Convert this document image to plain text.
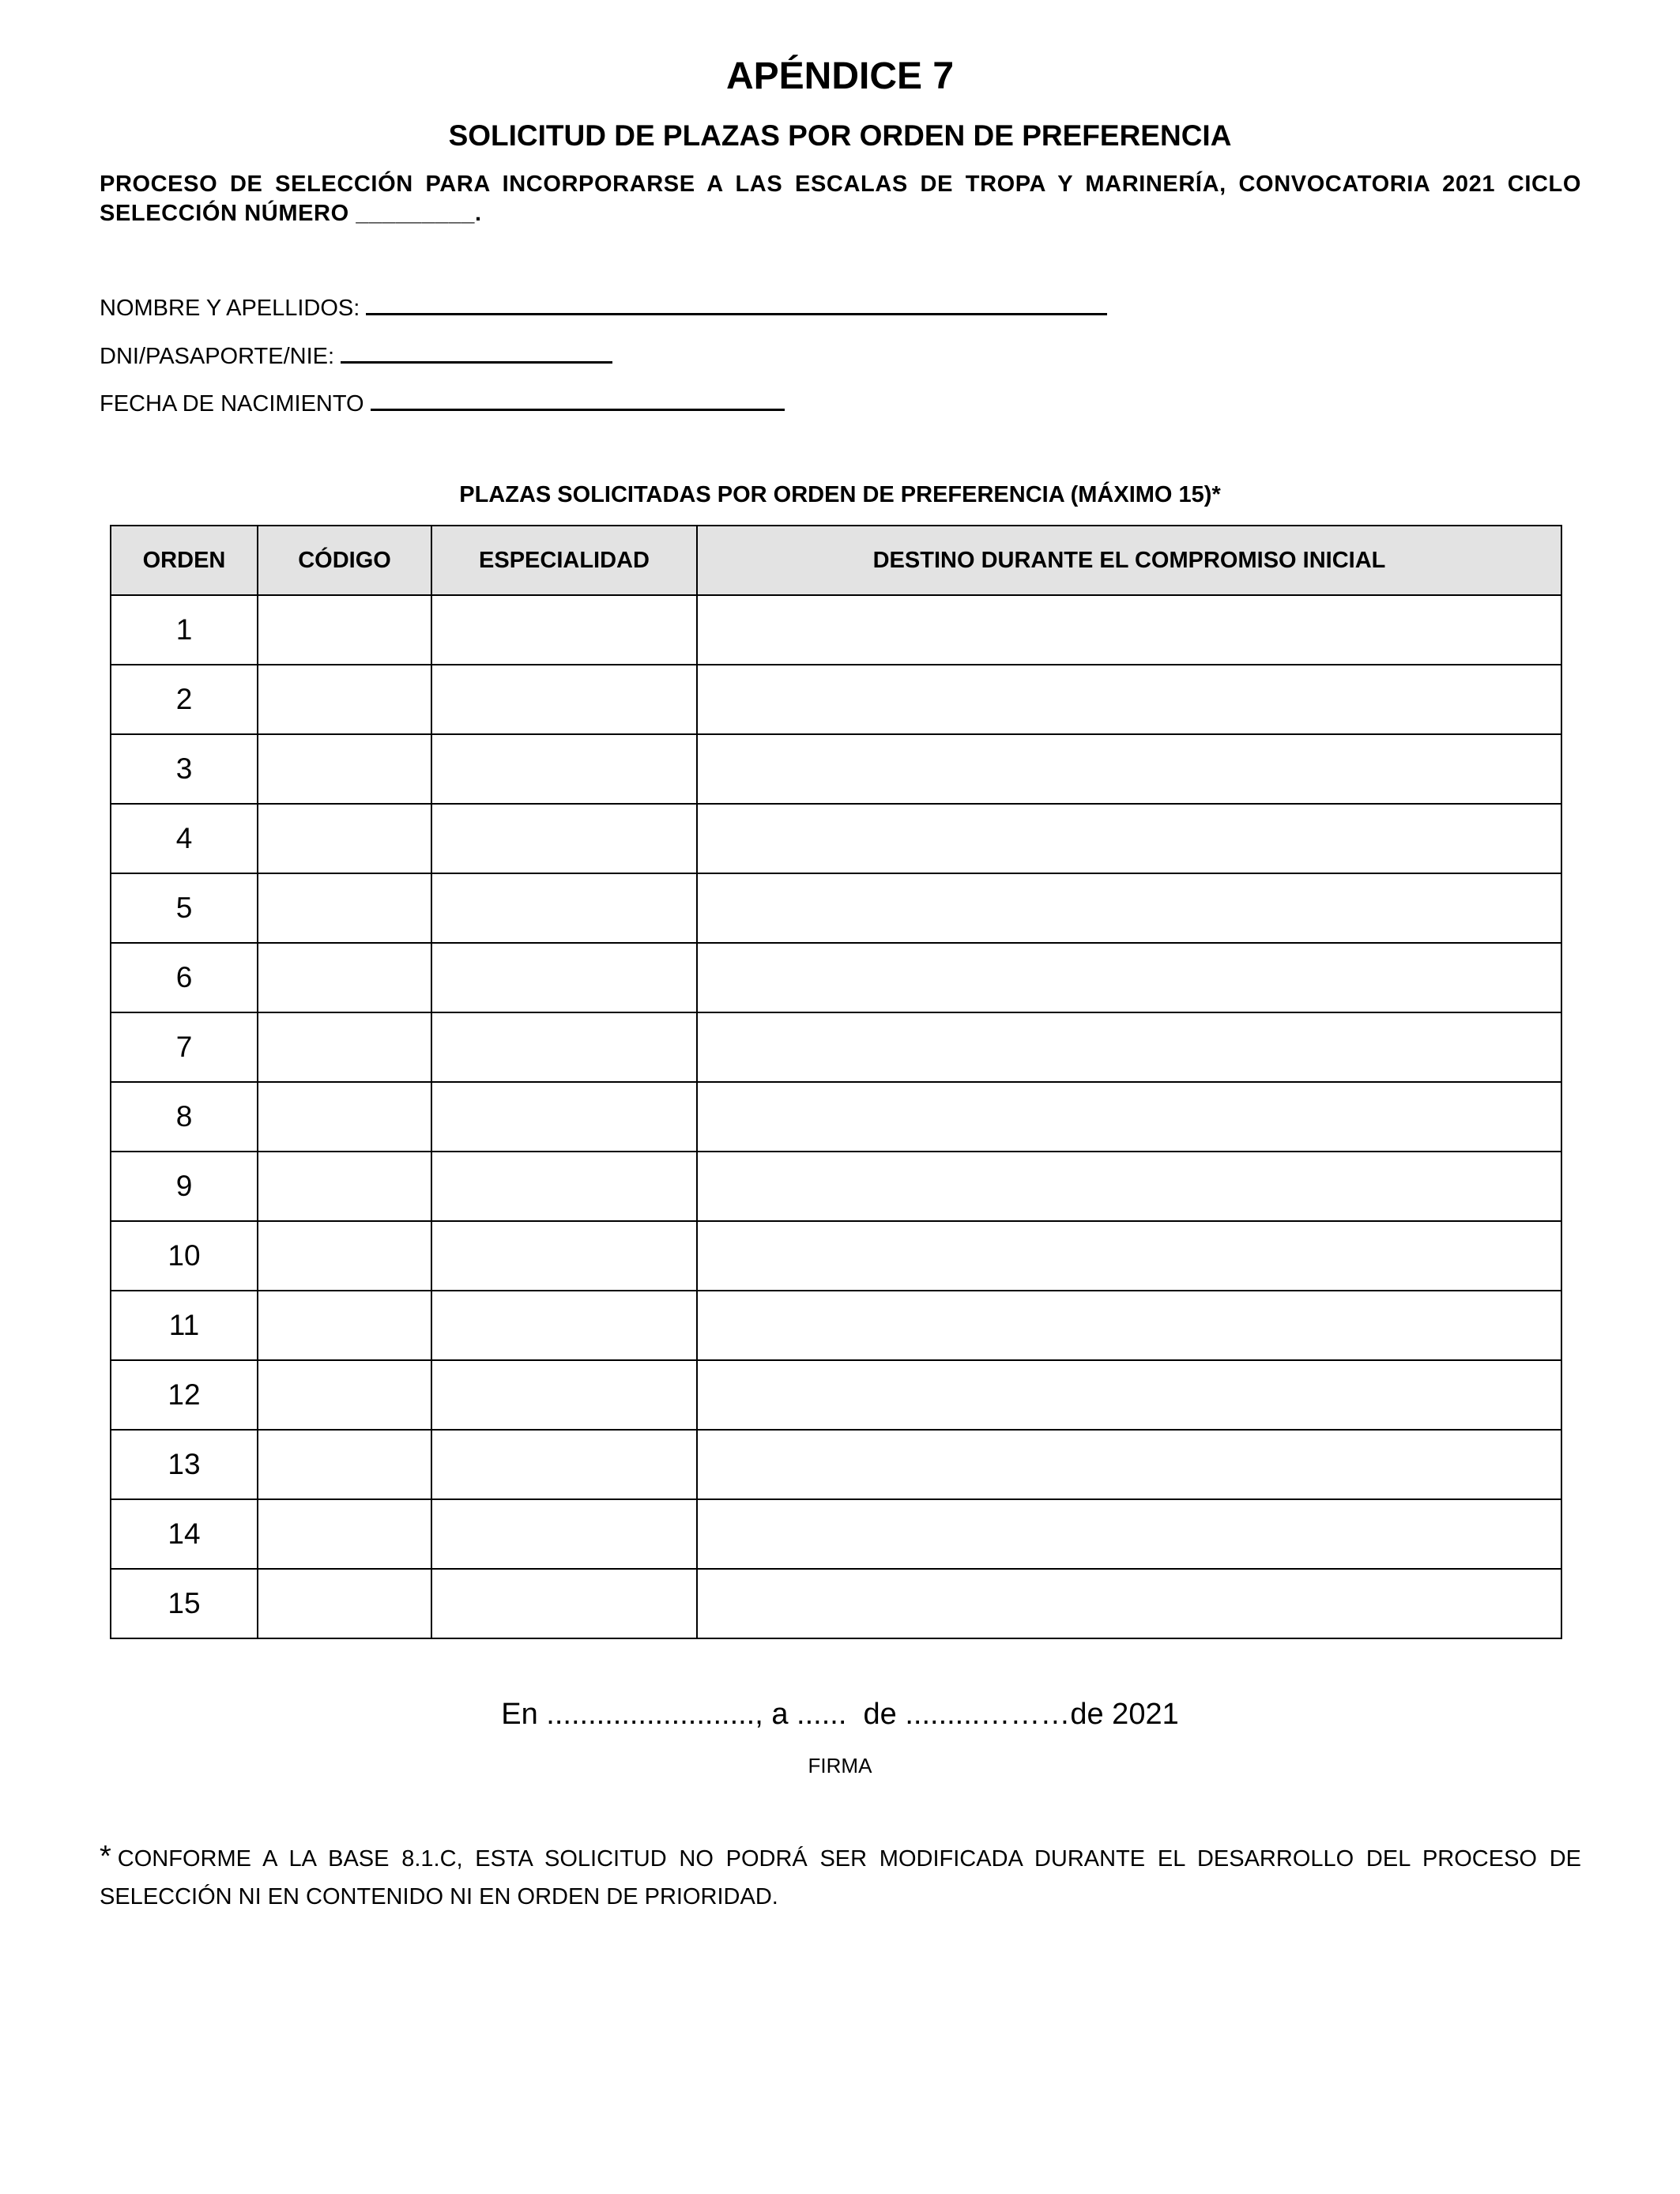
APÉNDICE 7
SOLICITUD DE PLAZAS POR ORDEN DE PREFERENCIA
PROCESO DE SELECCIÓN PARA INCORPORARSE A LAS ESCALAS DE TROPA Y MARINERÍA, CONVOCATORIA 2021 CICLO SELECCIÓN NÚMERO _________.
NOMBRE Y APELLIDOS:
DNI/PASAPORTE/NIE:
FECHA DE NACIMIENTO
PLAZAS SOLICITADAS POR ORDEN DE PREFERENCIA (MÁXIMO 15)*
ORDEN	CÓDIGO	ESPECIALIDAD	DESTINO DURANTE EL COMPROMISO INICIAL
1			
2			
3			
4			
5			
6			
7			
8			
9			
10			
11			
12			
13			
14			
15			
En ........................., a ......  de .........………de 2021
FIRMA
* CONFORME A LA BASE 8.1.C, ESTA SOLICITUD NO PODRÁ SER MODIFICADA DURANTE EL DESARROLLO DEL PROCESO DE SELECCIÓN NI EN CONTENIDO NI EN ORDEN DE PRIORIDAD.
